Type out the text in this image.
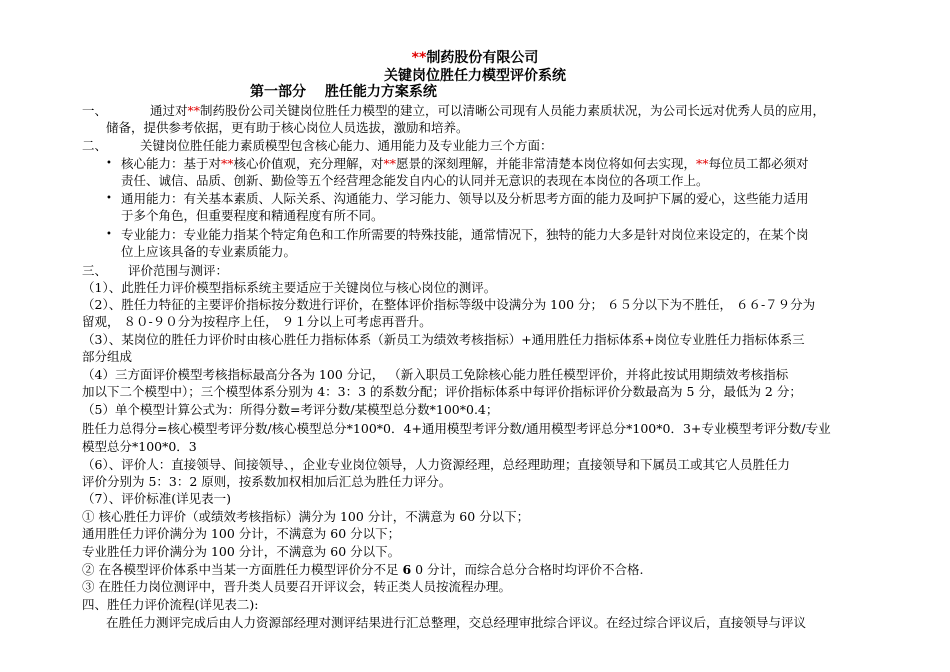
**制药股份有限公司
关键岗位胜任力模型评价系统
第一部分　 胜任能力方案系统
一、	通过对**制药股份公司关键岗位胜任力模型的建立，可以清晰公司现有人员能力素质状况，为公司长远对优秀人员的应用，
储备，提供参考依据，更有助于核心岗位人员选拔，激励和培养。
二、	关键岗位胜任能力素质模型包含核心能力、通用能力及专业能力三个方面：
• 核心能力：基于对**核心价值观，充分理解，对**愿景的深刻理解，并能非常清楚本岗位将如何去实现，**每位员工都必须对
责任、诚信、品质、创新、勤俭等五个经营理念能发自内心的认同并无意识的表现在本岗位的各项工作上。
• 通用能力：有关基本素质、人际关系、沟通能力、学习能力、领导以及分析思考方面的能力及呵护下属的爱心，这些能力适用
于多个角色，但重要程度和精通程度有所不同。
• 专业能力：专业能力指某个特定角色和工作所需要的特殊技能，通常情况下，独特的能力大多是针对岗位来设定的，在某个岗
位上应该具备的专业素质能力。
三、 评价范围与测评：
（1）、此胜任力评价模型指标系统主要适应于关键岗位与核心岗位的测评。
（2）、胜任力特征的主要评价指标按分数进行评价，在整体评价指标等级中设满分为 100 分； ６５分以下为不胜任， ６６-７９分为
留观， ８０-９０分为按程序上任， ９１分以上可考虑再晋升。
（3）、某岗位的胜任力评价时由核心胜任力指标体系（新员工为绩效考核指标）+通用胜任力指标体系+岗位专业胜任力指标体系三
部分组成
（4）三方面评价模型考核指标最高分各为 100 分记， （新入职员工免除核心能力胜任模型评价，并将此按试用期绩效考核指标
加以下二个模型中）；三个模型体系分别为 4：3：3 的系数分配；评价指标体系中每评价指标评价分数最高为 5 分，最低为 2 分；
（5）单个模型计算公式为：所得分数=考评分数/某模型总分数*100*0.4；
胜任力总得分=核心模型考评分数/核心模型总分*100*0．4+通用模型考评分数/通用模型考评总分*100*0．3+专业模型考评分数/专业
模型总分*100*0．3
（6）、评价人：直接领导、间接领导、，企业专业岗位领导，人力资源经理，总经理助理；直接领导和下属员工或其它人员胜任力
评价分别为 5：3：2 原则，按系数加权相加后汇总为胜任力评分。
（7）、评价标准(详见表一)
① 核心胜任力评价（或绩效考核指标）满分为 100 分计，不满意为 60 分以下；
通用胜任力评价满分为 100 分计，不满意为 60 分以下；
专业胜任力评价满分为 100 分计，不满意为 60 分以下。
② 在各模型评价体系中当某一方面胜任力模型评价分不足 6 0 分计，而综合总分合格时均评价不合格.
③ 在胜任力岗位测评中，晋升类人员要召开评议会，转正类人员按流程办理。
四、胜任力评价流程(详见表二):
在胜任力测评完成后由人力资源部经理对测评结果进行汇总整理，交总经理审批综合评议。在经过综合评议后，直接领导与评议
